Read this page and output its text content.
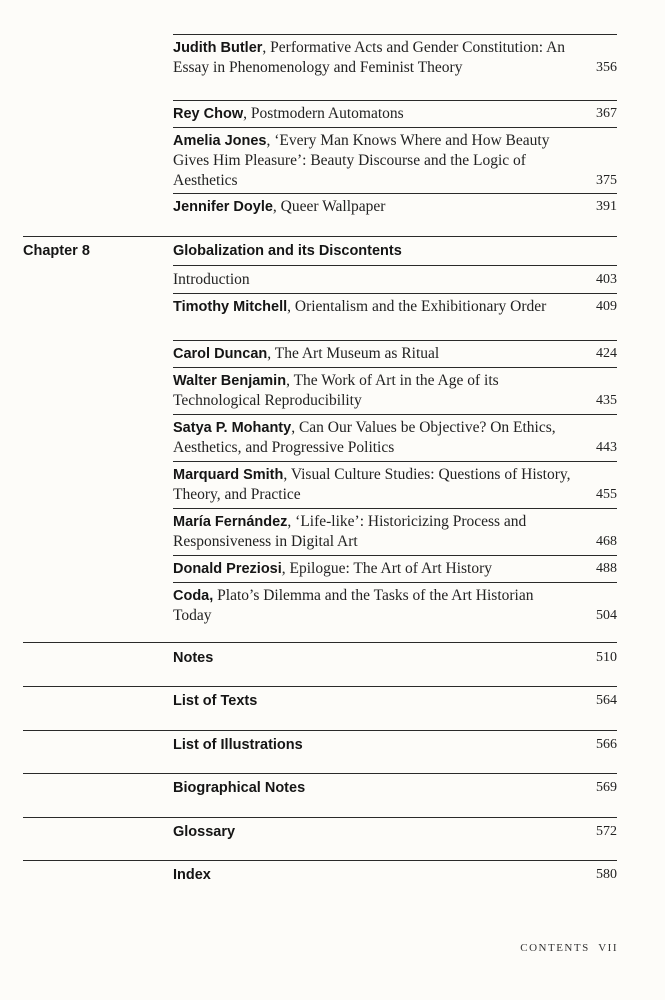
Judith Butler, Performative Acts and Gender Constitution: An Essay in Phenomenology and Feminist Theory	356
Rey Chow, Postmodern Automatons	367
Amelia Jones, ‘Every Man Knows Where and How Beauty Gives Him Pleasure’: Beauty Discourse and the Logic of Aesthetics	375
Jennifer Doyle, Queer Wallpaper	391
Chapter 8	Globalization and its Discontents
Introduction	403
Timothy Mitchell, Orientalism and the Exhibitionary Order	409
Carol Duncan, The Art Museum as Ritual	424
Walter Benjamin, The Work of Art in the Age of its Technological Reproducibility	435
Satya P. Mohanty, Can Our Values be Objective? On Ethics, Aesthetics, and Progressive Politics	443
Marquard Smith, Visual Culture Studies: Questions of History, Theory, and Practice	455
María Fernández, ‘Life-like’: Historicizing Process and Responsiveness in Digital Art	468
Donald Preziosi, Epilogue: The Art of Art History	488
Coda, Plato’s Dilemma and the Tasks of the Art Historian Today	504
Notes	510
List of Texts	564
List of Illustrations	566
Biographical Notes	569
Glossary	572
Index	580
CONTENTS VII
